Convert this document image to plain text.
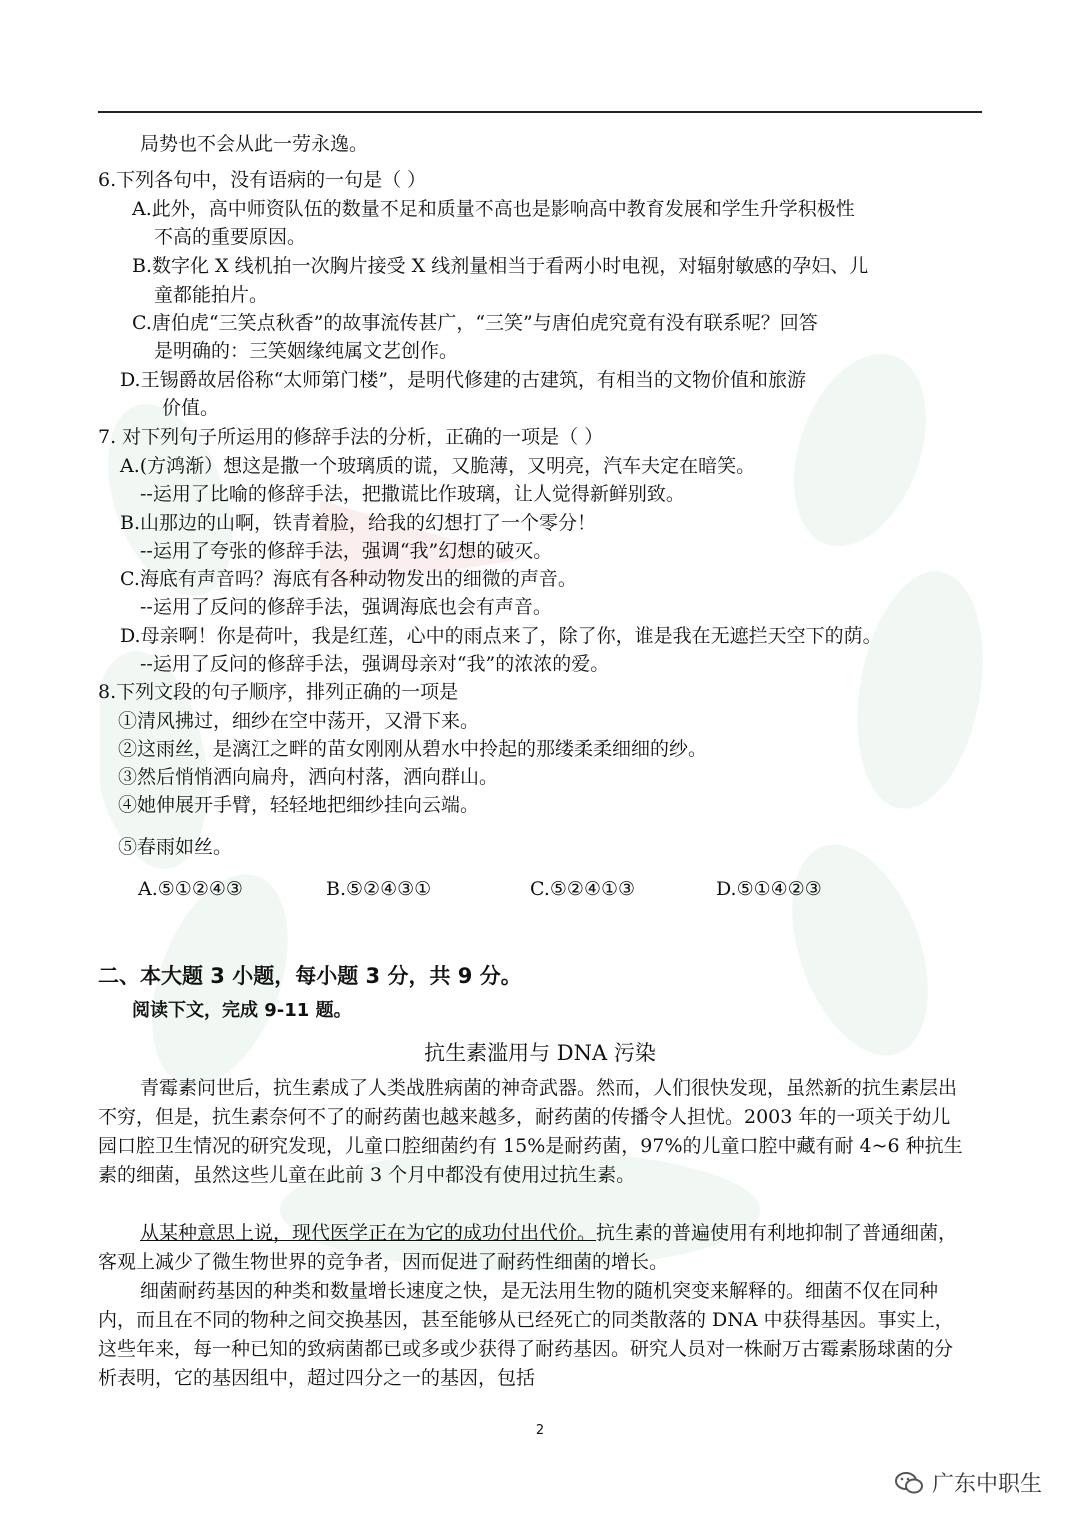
局势也不会从此一劳永逸。
6.下列各句中，没有语病的一句是（ ）
A.此外，高中师资队伍的数量不足和质量不高也是影响高中教育发展和学生升学积极性
不高的重要原因。
B.数字化 X 线机拍一次胸片接受 X 线剂量相当于看两小时电视，对辐射敏感的孕妇、儿
童都能拍片。
C.唐伯虎“三笑点秋香”的故事流传甚广，“三笑”与唐伯虎究竟有没有联系呢？回答
是明确的：三笑姻缘纯属文艺创作。
D.王锡爵故居俗称“太师第门楼”，是明代修建的古建筑，有相当的文物价值和旅游
价值。
7. 对下列句子所运用的修辞手法的分析，正确的一项是（ ）
A.(方鸿渐）想这是撒一个玻璃质的谎，又脆薄，又明亮，汽车夫定在暗笑。
--运用了比喻的修辞手法，把撒谎比作玻璃，让人觉得新鲜别致。
B.山那边的山啊，铁青着脸，给我的幻想打了一个零分！
--运用了夸张的修辞手法，强调“我”幻想的破灭。
C.海底有声音吗？海底有各种动物发出的细微的声音。
--运用了反问的修辞手法，强调海底也会有声音。
D.母亲啊！你是荷叶，我是红莲，心中的雨点来了，除了你，谁是我在无遮拦天空下的荫。
--运用了反问的修辞手法，强调母亲对“我”的浓浓的爱。
8.下列文段的句子顺序，排列正确的一项是
①清风拂过，细纱在空中荡开，又滑下来。
②这雨丝，是漓江之畔的苗女刚刚从碧水中拎起的那缕柔柔细细的纱。
③然后悄悄洒向扁舟，洒向村落，洒向群山。
④她伸展开手臂，轻轻地把细纱挂向云端。
⑤春雨如丝。
A.⑤①②④③	B.⑤②④③①	C.⑤②④①③	D.⑤①④②③
二、本大题 3 小题，每小题 3 分，共 9 分。
阅读下文，完成 9-11 题。
抗生素滥用与 DNA 污染
青霉素问世后，抗生素成了人类战胜病菌的神奇武器。然而，人们很快发现，虽然新的抗生素层出不穷，但是，抗生素奈何不了的耐药菌也越来越多，耐药菌的传播令人担忧。2003 年的一项关于幼儿园口腔卫生情况的研究发现，儿童口腔细菌约有 15%是耐药菌，97%的儿童口腔中藏有耐 4~6 种抗生素的细菌，虽然这些儿童在此前 3 个月中都没有使用过抗生素。
从某种意思上说，现代医学正在为它的成功付出代价。抗生素的普遍使用有利地抑制了普通细菌，客观上减少了微生物世界的竞争者，因而促进了耐药性细菌的增长。
细菌耐药基因的种类和数量增长速度之快，是无法用生物的随机突变来解释的。细菌不仅在同种内，而且在不同的物种之间交换基因，甚至能够从已经死亡的同类散落的 DNA 中获得基因。事实上，这些年来，每一种已知的致病菌都已或多或少获得了耐药基因。研究人员对一株耐万古霉素肠球菌的分析表明，它的基因组中，超过四分之一的基因，包括
2
广东中职生
